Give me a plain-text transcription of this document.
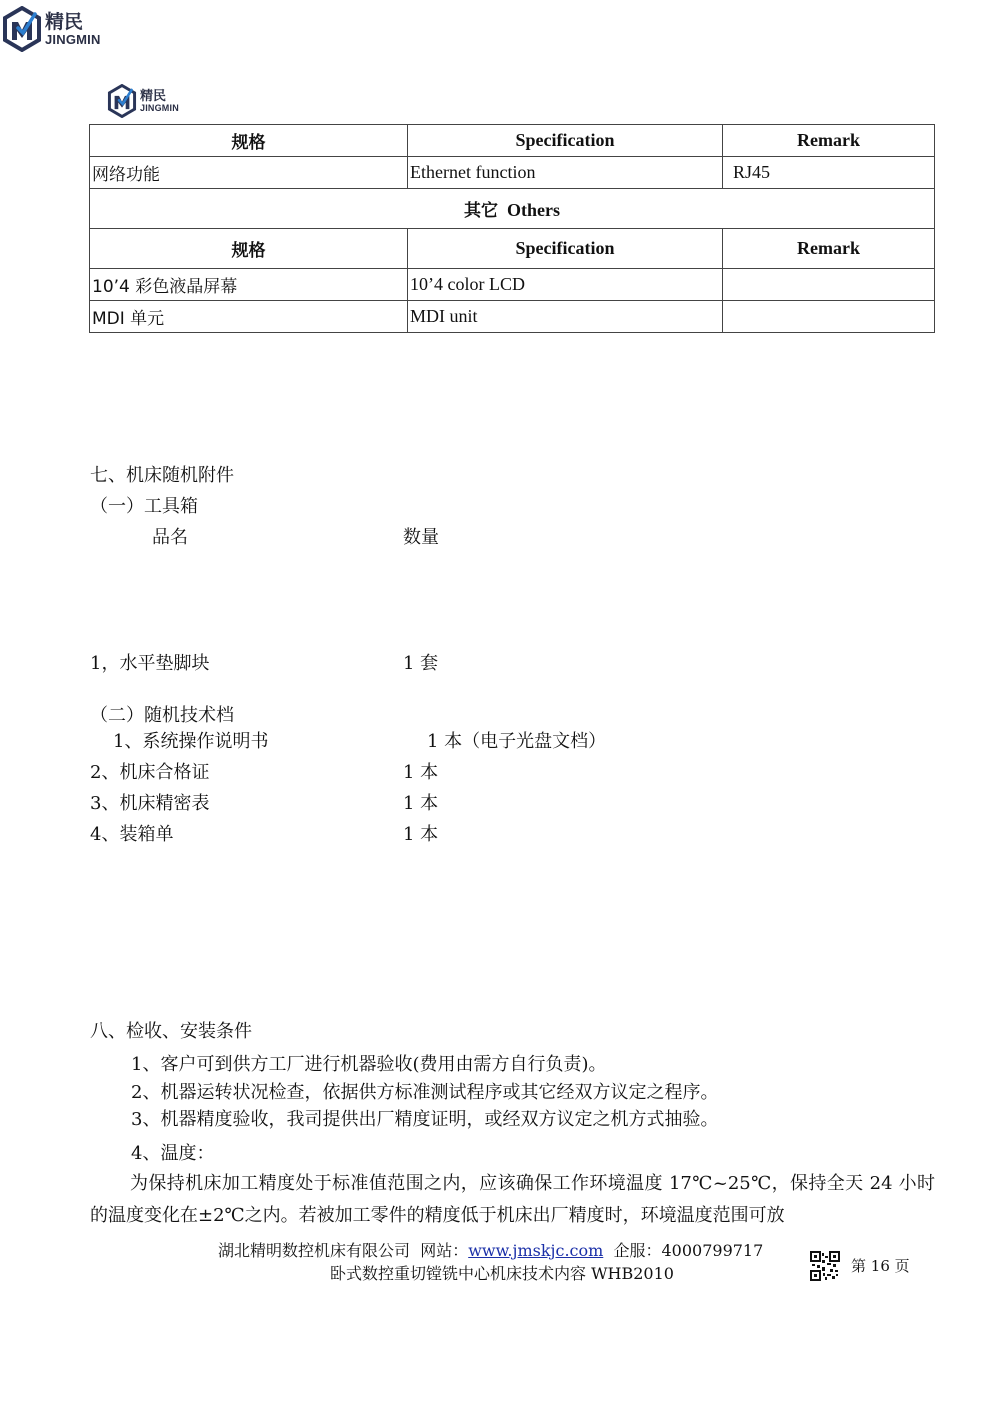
精民
JINGMIN
精民
JINGMIN
规格	Specification	Remark
网络功能	Ethernet function	RJ45
其它 Others		
规格	Specification	Remark
10’4 彩色液晶屏幕	10’4 color LCD	
MDI 单元	MDI unit	
七、机床随机附件
（一）工具箱
品名	数量
1，水平垫脚块	1 套
（二）随机技术档
1、系统操作说明书	1 本（电子光盘文档）
2、机床合格证	1 本
3、机床精密表	1 本
4、装箱单	1 本
八、检收、安装条件
1、客户可到供方工厂进行机器验收(费用由需方自行负责)。
2、机器运转状况检查，依据供方标准测试程序或其它经双方议定之程序。
3、机器精度验收，我司提供出厂精度证明，或经双方议定之机方式抽验。
4、温度：
为保持机床加工精度处于标准值范围之内，应该确保工作环境温度 17℃~25℃，保持全天 24 小时的温度变化在±2℃之内。若被加工零件的精度低于机床出厂精度时，环境温度范围可放
湖北精明数控机床有限公司 网站：www.jmskjc.com 企服：4000799717
卧式数控重切镗铣中心机床技术内容 WHB2010	第 16 页
